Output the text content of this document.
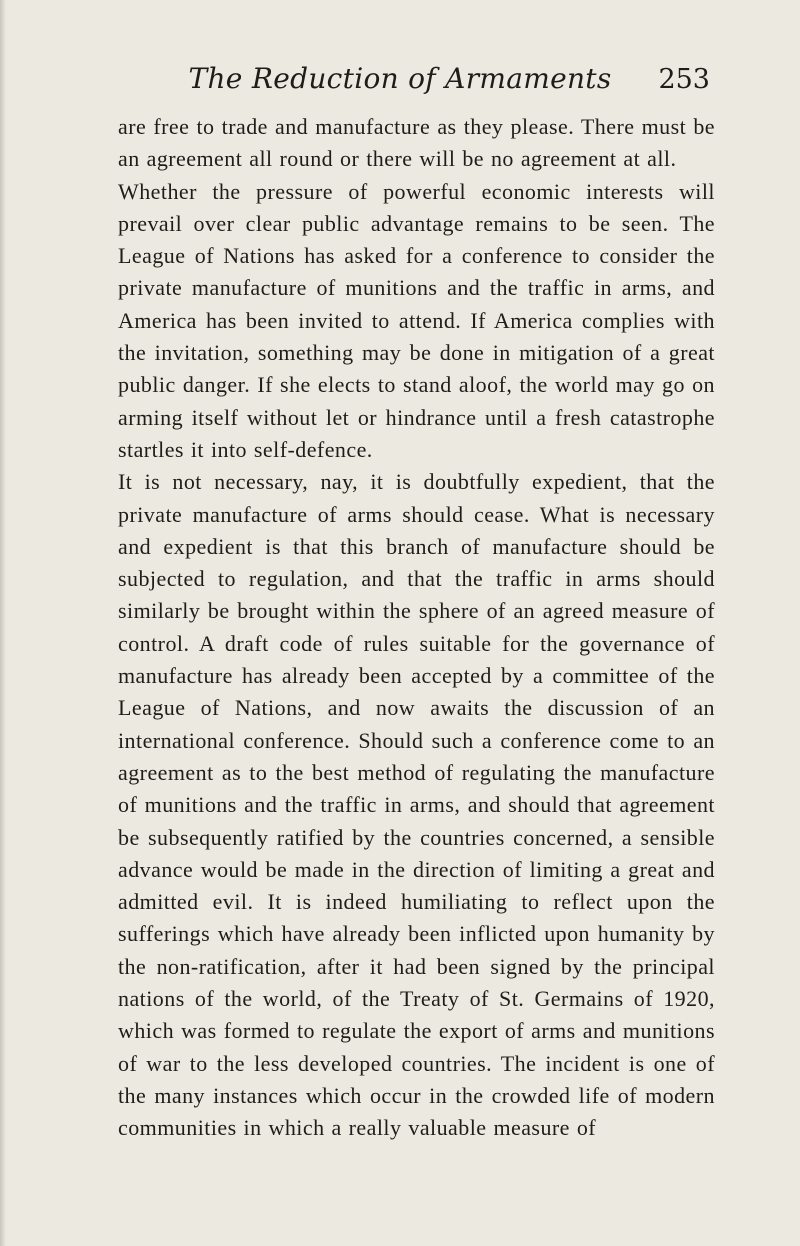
The Reduction of Armaments	253

are free to trade and manufacture as they please. There must be an agreement all round or there will be no agreement at all.

Whether the pressure of powerful economic interests will prevail over clear public advantage remains to be seen. The League of Nations has asked for a conference to consider the private manufacture of munitions and the traffic in arms, and America has been invited to attend. If America complies with the invitation, something may be done in mitigation of a great public danger. If she elects to stand aloof, the world may go on arming itself without let or hindrance until a fresh catastrophe startles it into self-defence.

It is not necessary, nay, it is doubtfully expedient, that the private manufacture of arms should cease. What is necessary and expedient is that this branch of manufacture should be subjected to regulation, and that the traffic in arms should similarly be brought within the sphere of an agreed measure of control. A draft code of rules suitable for the governance of manufacture has already been accepted by a committee of the League of Nations, and now awaits the discussion of an international conference. Should such a conference come to an agreement as to the best method of regulating the manufacture of munitions and the traffic in arms, and should that agreement be subsequently ratified by the countries concerned, a sensible advance would be made in the direction of limiting a great and admitted evil. It is indeed humiliating to reflect upon the sufferings which have already been inflicted upon humanity by the non-ratification, after it had been signed by the principal nations of the world, of the Treaty of St. Germains of 1920, which was formed to regulate the export of arms and munitions of war to the less developed countries. The incident is one of the many instances which occur in the crowded life of modern communities in which a really valuable measure of
